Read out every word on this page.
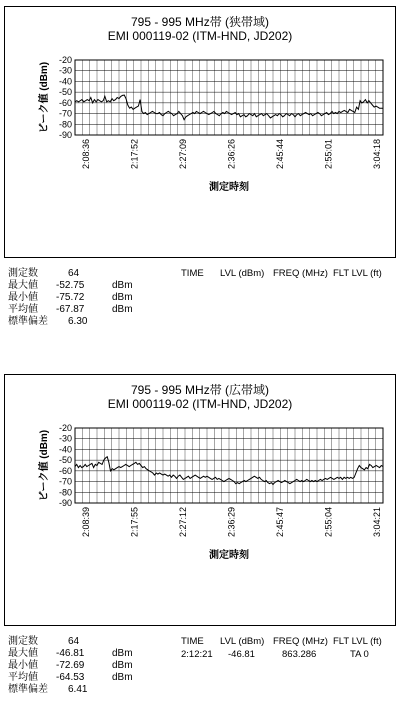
795 - 995 MHz帯 (狭帯域)
EMI 000119-02 (ITM-HND, JD202)
-20
-30
-40
-50
-60
-70
-80
-90
2:08:36	2:17:52	2:27:09	2:36:26	2:45:44	2:55:01	3:04:18
測定時刻
ピーク値 (dBm)
測定数	64
最大値 -52.75	dBm
最小値 -75.72	dBm
平均値 -67.87	dBm
標準偏差 6.30
TIME LVL (dBm) FREQ (MHz) FLT LVL (ft)
795 - 995 MHz帯 (広帯域)
EMI 000119-02 (ITM-HND, JD202)
-20
-30
-40
-50
-60
-70
-80
-90
2:08:39	2:17:55	2:27:12	2:36:29	2:45:47	2:55:04	3:04:21
測定時刻
ピーク値 (dBm)
測定数	64
最大値 -46.81	dBm
最小値 -72.69	dBm
平均値 -64.53	dBm
標準偏差 6.41
TIME LVL (dBm) FREQ (MHz) FLT LVL (ft)
2:12:21 -46.81	863.286	TA 0
